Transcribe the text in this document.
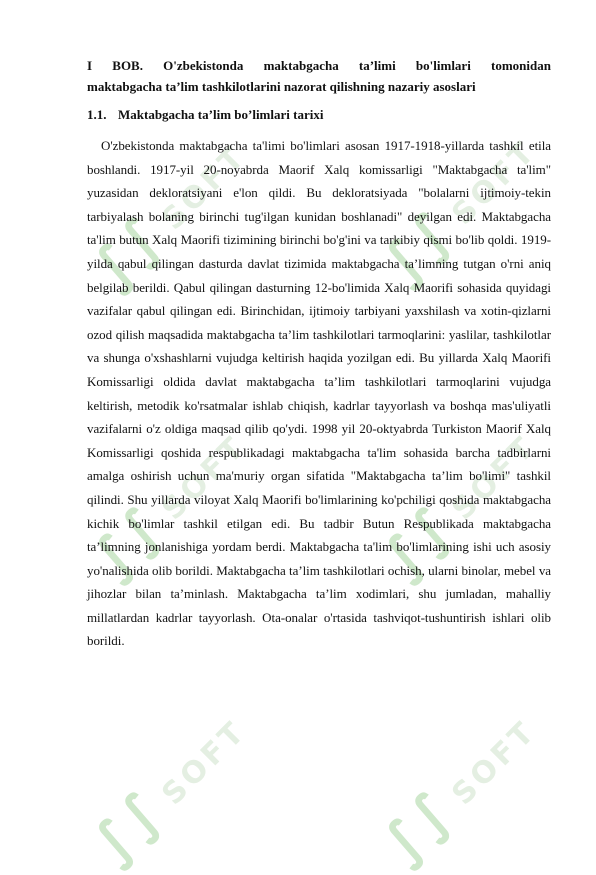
∫∫ SOFT
∫∫ SOFT
∫∫ SOFT
∫∫ SOFT
∫∫ SOFT
∫∫ SOFT
I BOB. O'zbekistonda maktabgacha ta’limi bo'limlari tomonidan
maktabgacha ta’lim tashkilotlarini nazorat qilishning nazariy asoslari
1.1. Maktabgacha ta’lim bo’limlari tarixi

O'zbekistonda maktabgacha ta'limi bo'limlari asosan 1917-1918-yillarda tashkil etila boshlandi. 1917-yil 20-noyabrda Maorif Xalq komissarligi "Maktabgacha ta'lim" yuzasidan dekloratsiyani e'lon qildi. Bu dekloratsiyada "bolalarni ijtimoiy-tekin tarbiyalash bolaning birinchi tug'ilgan kunidan boshlanadi" deyilgan edi. Maktabgacha ta'lim butun Xalq Maorifi tizimining birinchi bo'g'ini va tarkibiy qismi bo'lib qoldi. 1919-yilda qabul qilingan dasturda davlat tizimida maktabgacha ta’limning tutgan o'rni aniq belgilab berildi. Qabul qilingan dasturning 12-bo'limida Xalq Maorifi sohasida quyidagi vazifalar qabul qilingan edi. Birinchidan, ijtimoiy tarbiyani yaxshilash va xotin-qizlarni ozod qilish maqsadida maktabgacha ta’lim tashkilotlari tarmoqlarini: yaslilar, tashkilotlar va shunga o'xshashlarni vujudga keltirish haqida yozilgan edi. Bu yillarda Xalq Maorifi Komissarligi oldida davlat maktabgacha ta’lim tashkilotlari tarmoqlarini vujudga keltirish, metodik ko'rsatmalar ishlab chiqish, kadrlar tayyorlash va boshqa mas'uliyatli vazifalarni o'z oldiga maqsad qilib qo'ydi. 1998 yil 20-oktyabrda Turkiston Maorif Xalq Komissarligi qoshida respublikadagi maktabgacha ta'lim sohasida barcha tadbirlarni amalga oshirish uchun ma'muriy organ sifatida "Maktabgacha ta’lim bo'limi" tashkil qilindi. Shu yillarda viloyat Xalq Maorifi bo'limlarining ko'pchiligi qoshida maktabgacha kichik bo'limlar tashkil etilgan edi. Bu tadbir Butun Respublikada maktabgacha ta’limning jonlanishiga yordam berdi. Maktabgacha ta'lim bo'limlarining ishi uch asosiy yo'nalishida olib borildi. Maktabgacha ta’lim tashkilotlari ochish, ularni binolar, mebel va jihozlar bilan ta’minlash. Maktabgacha ta’lim xodimlari, shu jumladan, mahalliy millatlardan kadrlar tayyorlash. Ota-onalar o'rtasida tashviqot-tushuntirish ishlari olib borildi.
